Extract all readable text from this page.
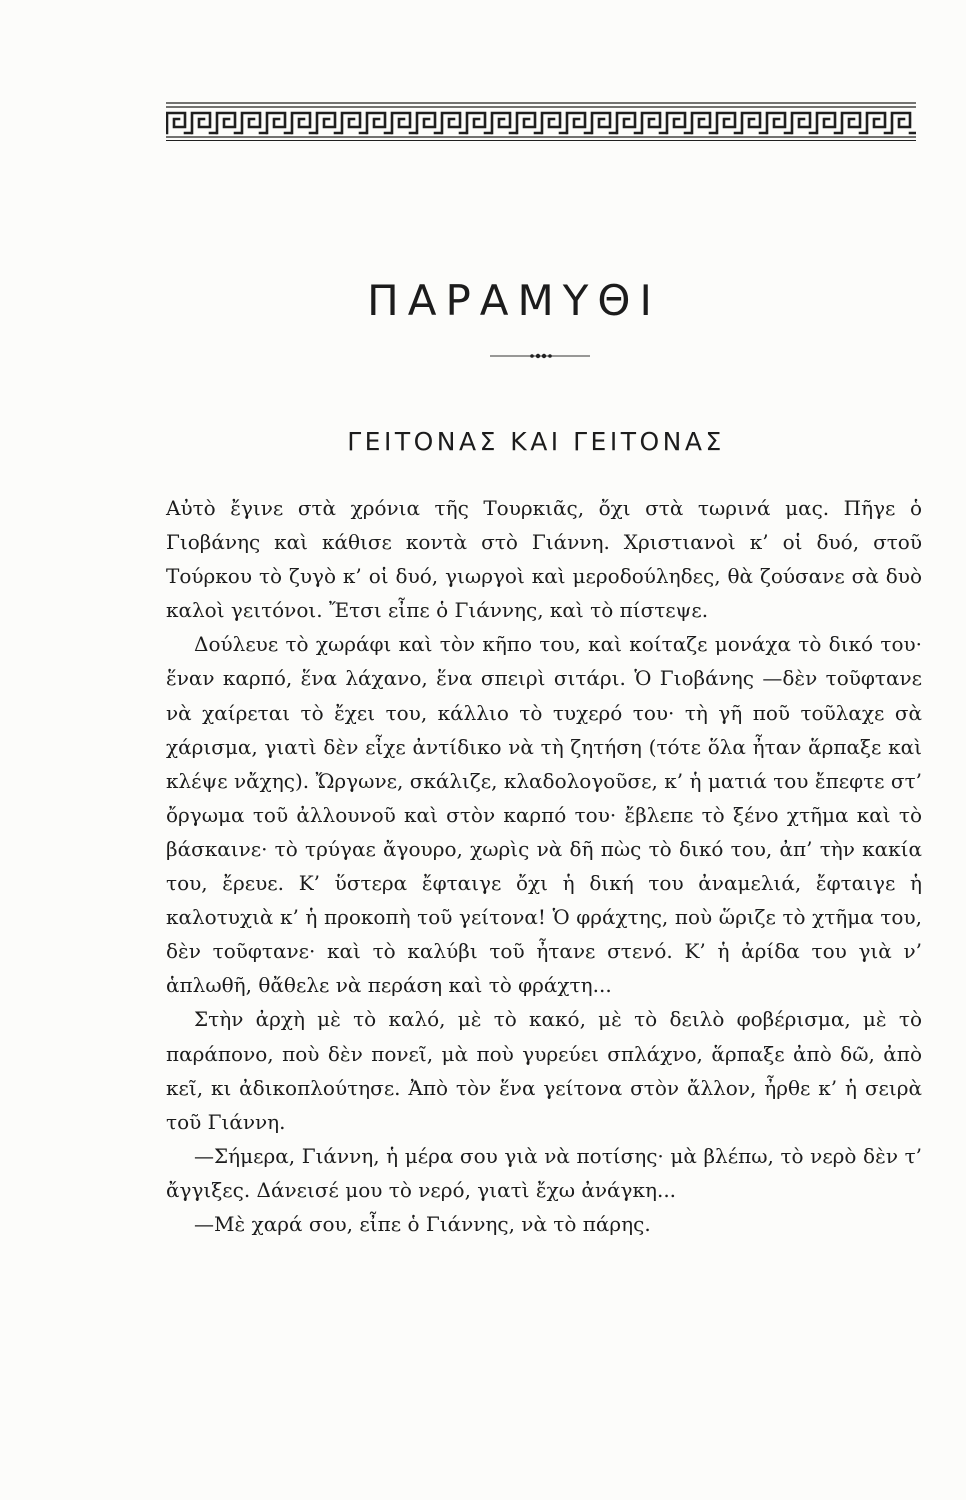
ΠΑΡΑΜΥΘΙ
ΓΕΙΤΟΝΑΣ ΚΑΙ ΓΕΙΤΟΝΑΣ

Αὐτὸ ἔγινε στὰ χρόνια τῆς Τουρκιᾶς, ὄχι στὰ τωρινά μας. Πῆγε ὁ Γιοβάνης καὶ κάθισε κοντὰ στὸ Γιάννη. Χριστιανοὶ κ’ οἱ δυό, στοῦ Τούρκου τὸ ζυγὸ κ’ οἱ δυό, γιωργοὶ καὶ μεροδούληδες, θὰ ζούσανε σὰ δυὸ καλοὶ γειτόνοι. Ἔτσι εἶπε ὁ Γιάννης, καὶ τὸ πίστεψε.

Δούλευε τὸ χωράφι καὶ τὸν κῆπο του, καὶ κοίταζε μονάχα τὸ δικό του· ἕναν καρπό, ἕνα λάχανο, ἕνα σπειρὶ σιτάρι. Ὁ Γιοβάνης —δὲν τοῦφτανε νὰ χαίρεται τὸ ἔχει του, κάλλιο τὸ τυχερό του· τὴ γῆ ποῦ τοῦλαχε σὰ χάρισμα, γιατὶ δὲν εἶχε ἀντίδικο νὰ τὴ ζητήση (τότε ὅλα ἦταν ἅρπαξε καὶ κλέψε νἄχης). Ὤργωνε, σκάλιζε, κλαδολογοῦσε, κ’ ἡ ματιά του ἔπεφτε στ’ ὄργωμα τοῦ ἀλλουνοῦ καὶ στὸν καρπό του· ἔβλεπε τὸ ξένο χτῆμα καὶ τὸ βάσκαινε· τὸ τρύγαε ἄγουρο, χωρὶς νὰ δῆ πὼς τὸ δικό του, ἀπ’ τὴν κακία του, ἔρευε. Κ’ ὕστερα ἔφταιγε ὄχι ἡ δική του ἀναμελιά, ἔφταιγε ἡ καλοτυχιὰ κ’ ἡ προκοπὴ τοῦ γείτονα! Ὁ φράχτης, ποὺ ὥριζε τὸ χτῆμα του, δὲν τοῦφτανε· καὶ τὸ καλύβι τοῦ ἦτανε στενό. Κ’ ἡ ἀρίδα του γιὰ ν’ ἁπλωθῆ, θἄθελε νὰ περάση καὶ τὸ φράχτη...

Στὴν ἀρχὴ μὲ τὸ καλό, μὲ τὸ κακό, μὲ τὸ δειλὸ φοβέρισμα, μὲ τὸ παράπονο, ποὺ δὲν πονεῖ, μὰ ποὺ γυρεύει σπλάχνο, ἅρπαξε ἀπὸ δῶ, ἀπὸ κεῖ, κι ἀδικοπλούτησε. Ἀπὸ τὸν ἕνα γείτονα στὸν ἄλλον, ἦρθε κ’ ἡ σειρὰ τοῦ Γιάννη.

—Σήμερα, Γιάννη, ἡ μέρα σου γιὰ νὰ ποτίσης· μὰ βλέπω, τὸ νερὸ δὲν τ’ ἄγγιξες. Δάνεισέ μου τὸ νερό, γιατὶ ἔχω ἀνάγκη...

—Μὲ χαρά σου, εἶπε ὁ Γιάννης, νὰ τὸ πάρης.
